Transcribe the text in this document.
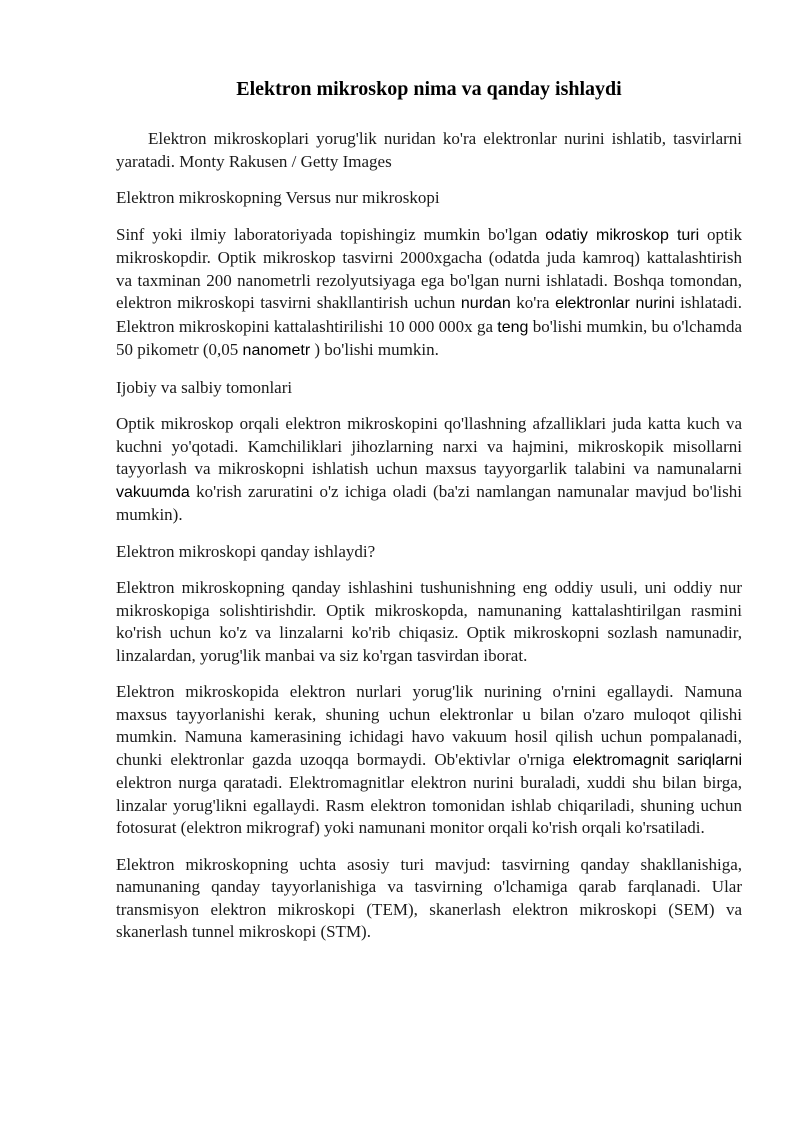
Elektron mikroskop nima va qanday ishlaydi

Elektron mikroskoplari yorug'lik nuridan ko'ra elektronlar nurini ishlatib, tasvirlarni yaratadi. Monty Rakusen / Getty Images

Elektron mikroskopning Versus nur mikroskopi

Sinf yoki ilmiy laboratoriyada topishingiz mumkin bo'lgan odatiy mikroskop turi optik mikroskopdir. Optik mikroskop tasvirni 2000xgacha (odatda juda kamroq) kattalashtirish va taxminan 200 nanometrli rezolyutsiyaga ega bo'lgan nurni ishlatadi. Boshqa tomondan, elektron mikroskopi tasvirni shakllantirish uchun nurdan ko'ra elektronlar nurini ishlatadi. Elektron mikroskopini kattalashtirilishi 10 000 000x ga teng bo'lishi mumkin, bu o'lchamda 50 pikometr (0,05 nanometr ) bo'lishi mumkin.

Ijobiy va salbiy tomonlari

Optik mikroskop orqali elektron mikroskopini qo'llashning afzalliklari juda katta kuch va kuchni yo'qotadi. Kamchiliklari jihozlarning narxi va hajmini, mikroskopik misollarni tayyorlash va mikroskopni ishlatish uchun maxsus tayyorgarlik talabini va namunalarni vakuumda ko'rish zaruratini o'z ichiga oladi (ba'zi namlangan namunalar mavjud bo'lishi mumkin).

Elektron mikroskopi qanday ishlaydi?

Elektron mikroskopning qanday ishlashini tushunishning eng oddiy usuli, uni oddiy nur mikroskopiga solishtirishdir. Optik mikroskopda, namunaning kattalashtirilgan rasmini ko'rish uchun ko'z va linzalarni ko'rib chiqasiz. Optik mikroskopni sozlash namunadir, linzalardan, yorug'lik manbai va siz ko'rgan tasvirdan iborat.

Elektron mikroskopida elektron nurlari yorug'lik nurining o'rnini egallaydi. Namuna maxsus tayyorlanishi kerak, shuning uchun elektronlar u bilan o'zaro muloqot qilishi mumkin. Namuna kamerasining ichidagi havo vakuum hosil qilish uchun pompalanadi, chunki elektronlar gazda uzoqqa bormaydi. Ob'ektivlar o'rniga elektromagnit sariqlarni elektron nurga qaratadi. Elektromagnitlar elektron nurini buraladi, xuddi shu bilan birga, linzalar yorug'likni egallaydi. Rasm elektron tomonidan ishlab chiqariladi, shuning uchun fotosurat (elektron mikrograf) yoki namunani monitor orqali ko'rish orqali ko'rsatiladi.

Elektron mikroskopning uchta asosiy turi mavjud: tasvirning qanday shakllanishiga, namunaning qanday tayyorlanishiga va tasvirning o'lchamiga qarab farqlanadi. Ular transmisyon elektron mikroskopi (TEM), skanerlash elektron mikroskopi (SEM) va skanerlash tunnel mikroskopi (STM).
